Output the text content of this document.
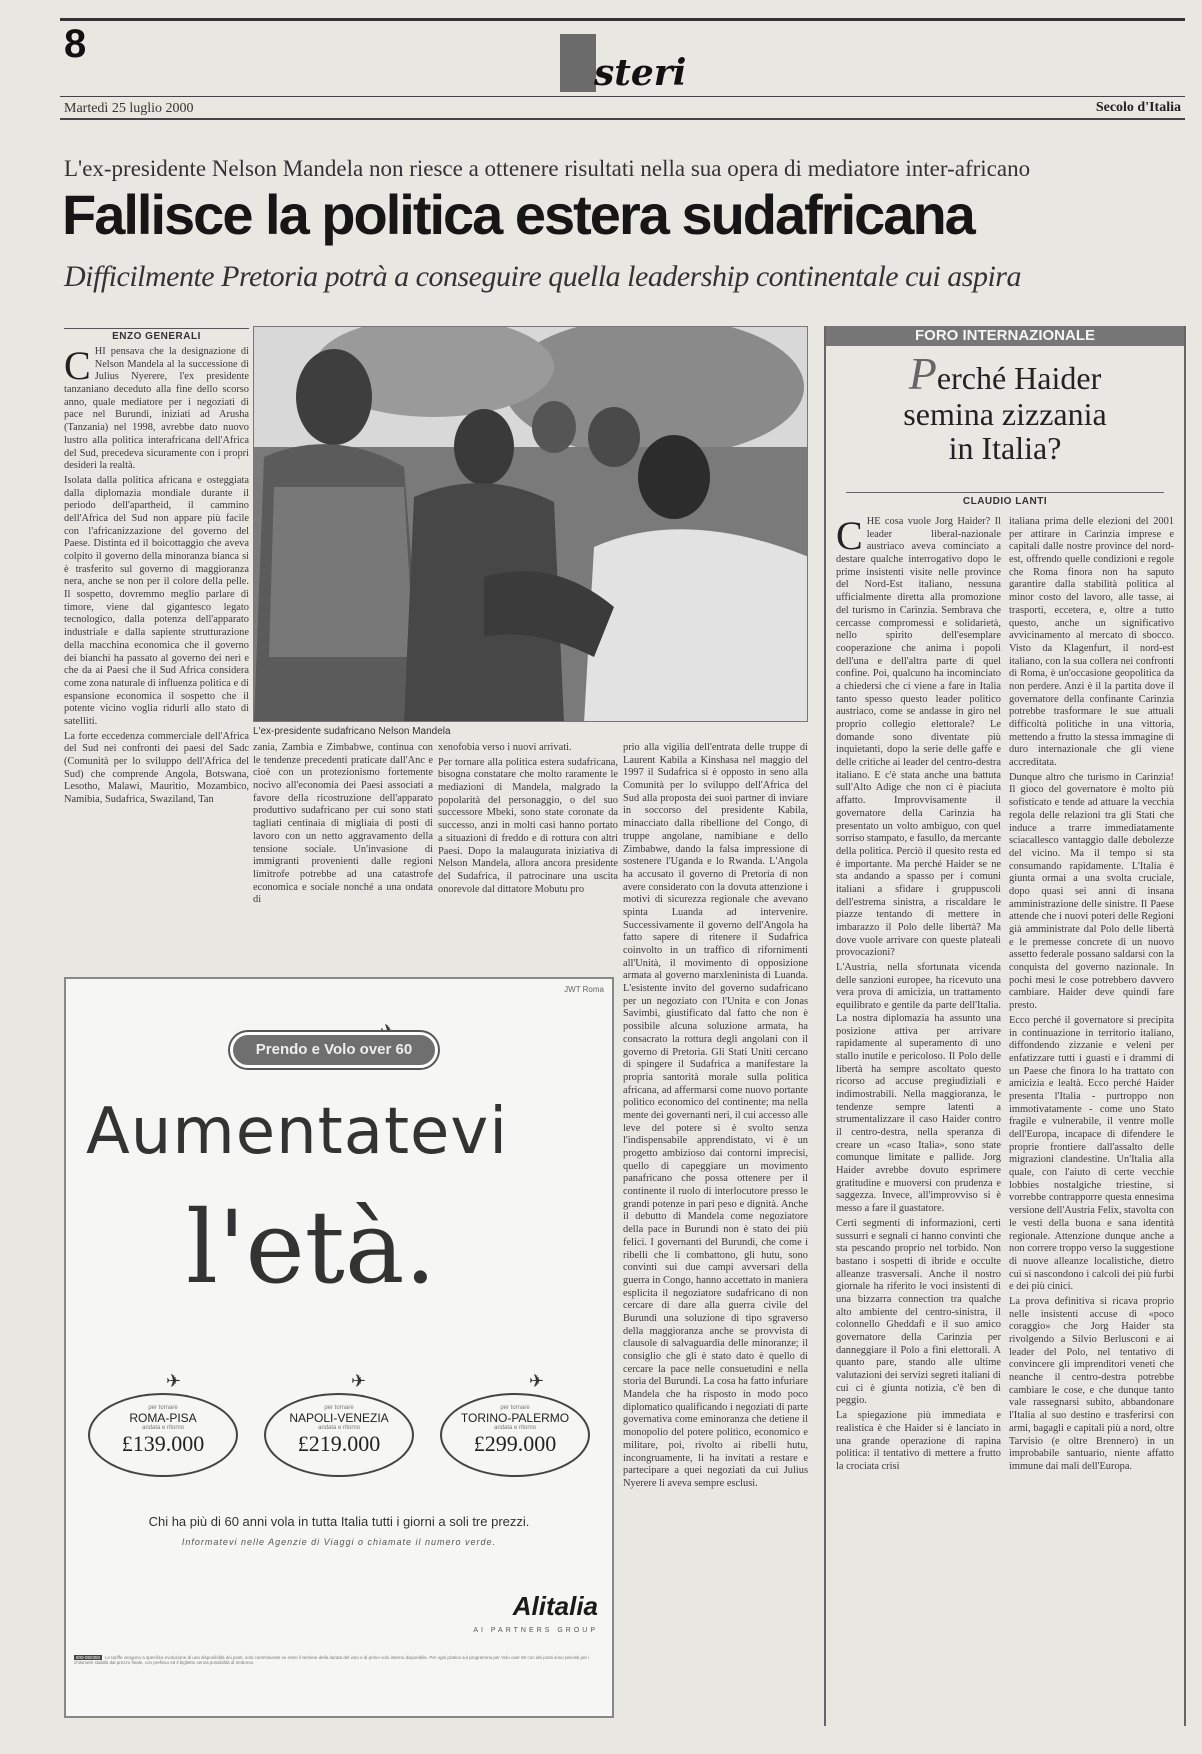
8
steri
Martedì 25 luglio 2000	Secolo d'Italia
L'ex-presidente Nelson Mandela non riesce a ottenere risultati nella sua opera di mediatore inter-africano
Fallisce la politica estera sudafricana
Difficilmente Pretoria potrà a conseguire quella leadership continentale cui aspira
ENZO GENERALI

CHI pensava che la designazione di Nelson Mandela al la successione di Julius Nyerere, l'ex presidente tanzaniano deceduto alla fine dello scorso anno, quale mediatore per i negoziati di pace nel Burundi, iniziati ad Arusha (Tanzania) nel 1998, avrebbe dato nuovo lustro alla politica interafricana dell'Africa del Sud, precedeva sicuramente con i propri desideri la realtà.

Isolata dalla politica africana e osteggiata dalla diplomazia mondiale durante il periodo dell'apartheid, il cammino dell'Africa del Sud non appare più facile con l'africanizzazione del governo del Paese. Distinta ed il boicottaggio che aveva colpito il governo della minoranza bianca si è trasferito sul governo di maggioranza nera, anche se non per il colore della pelle. Il sospetto, dovremmo meglio parlare di timore, viene dal gigantesco legato tecnologico, dalla potenza dell'apparato industriale e dalla sapiente strutturazione della macchina economica che il governo dei bianchi ha passato al governo dei neri e che da ai Paesi che il Sud Africa considera come zona naturale di influenza politica e di espansione economica il sospetto che il potente vicino voglia ridurli allo stato di satelliti.

La forte eccedenza commerciale dell'Africa del Sud nei confronti dei paesi del Sadc (Comunità per lo sviluppo dell'Africa del Sud) che comprende Angola, Botswana, Lesotho, Malawi, Mauritio, Mozambico, Namibia, Sudafrica, Swaziland, Tan

L'ex-presidente sudafricano Nelson Mandela

zania, Zambia e Zimbabwe, continua con le tendenze precedenti praticate dall'Anc e cioè con un protezionismo fortemente nocivo all'economia dei Paesi associati a favore della ricostruzione dell'apparato produttivo sudafricano per cui sono stati tagliati centinaia di migliaia di posti di lavoro con un netto aggravamento della tensione sociale. Un'invasione di immigranti provenienti dalle regioni limitrofe potrebbe ad una catastrofe economica e sociale nonché a una ondata di

xenofobia verso i nuovi arrivati.

Per tornare alla politica estera sudafricana, bisogna constatare che molto raramente le mediazioni di Mandela, malgrado la popolarità del personaggio, o del suo successore Mbeki, sono state coronate da successo, anzi in molti casi hanno portato a situazioni di freddo e di rottura con altri Paesi. Dopo la malaugurata iniziativa di Nelson Mandela, allora ancora presidente del Sudafrica, il patrocinare una uscita onorevole dal dittatore Mobutu pro

prio alla vigilia dell'entrata delle truppe di Laurent Kabila a Kinshasa nel maggio del 1997 il Sudafrica si è opposto in seno alla Comunità per lo sviluppo dell'Africa del Sud alla proposta dei suoi partner di inviare in soccorso del presidente Kabila, minacciato dalla ribellione del Congo, di truppe angolane, namibiane e dello Zimbabwe, dando la falsa impressione di sostenere l'Uganda e lo Rwanda. L'Angola ha accusato il governo di Pretoria di non avere considerato con la dovuta attenzione i motivi di sicurezza regionale che avevano spinta Luanda ad intervenire. Successivamente il governo dell'Angola ha fatto sapere di ritenere il Sudafrica coinvolto in un traffico di rifornimenti all'Unità, il movimento di opposizione armata al governo marxleninista di Luanda. L'esistente invito del governo sudafricano per un negoziato con l'Unita e con Jonas Savimbi, giustificato dal fatto che non è possibile alcuna soluzione armata, ha consacrato la rottura degli angolani con il governo di Pretoria. Gli Stati Uniti cercano di spingere il Sudafrica a manifestare la propria santorità morale sulla politica africana, ad affermarsi come nuovo portante politico economico del continente; ma nella mente dei governanti neri, il cui accesso alle leve del potere si è svolto senza l'indispensabile apprendistato, vi è un progetto ambizioso dai contorni imprecisi, quello di capeggiare un movimento panafricano che possa ottenere per il continente il ruolo di interlocutore presso le grandi potenze in pari peso e dignità. Anche il debutto di Mandela come negoziatore della pace in Burundi non è stato dei più felici. I governanti del Burundi, che come i ribelli che li combattono, gli hutu, sono convinti sui due campi avversari della guerra in Congo, hanno accettato in maniera esplicita il negoziatore sudafricano di non cercare di dare alla guerra civile del Burundi una soluzione di tipo sgraverso della maggioranza anche se provvista di clausole di salvaguardia delle minoranze; il consiglio che gli è stato dato è quello di cercare la pace nelle consuetudini e nella storia del Burundi. La cosa ha fatto infuriare Mandela che ha risposto in modo poco diplomatico qualificando i negoziati di parte governativa come eminoranza che detiene il monopolio del potere politico, economico e militare, poi, rivolto ai ribelli hutu, incongruamente, li ha invitati a restare e partecipare a quei negoziati da cui Julius Nyerere li aveva sempre esclusi.

FORO INTERNAZIONALE
Perché Haider
semina zizzania
in Italia?
CLAUDIO LANTI

CHE cosa vuole Jorg Haider? Il leader liberal-nazionale austriaco aveva cominciato a destare qualche interrogativo dopo le prime insistenti visite nelle province del Nord-Est italiano, nessuna ufficialmente diretta alla promozione del turismo in Carinzia. Sembrava che cercasse compromessi e solidarietà, nello spirito dell'esemplare cooperazione che anima i popoli dell'una e dell'altra parte di quel confine. Poi, qualcuno ha incominciato a chiedersi che ci viene a fare in Italia tanto spesso questo leader politico austriaco, come se andasse in giro nel proprio collegio elettorale? Le domande sono diventate più inquietanti, dopo la serie delle gaffe e delle critiche ai leader del centro-destra italiano. E c'è stata anche una battuta sull'Alto Adige che non ci è piaciuta affatto. Improvvisamente il governatore della Carinzia ha presentato un volto ambiguo, con quel sorriso stampato, e fasullo, da mercante della politica. Perciò il quesito resta ed è importante. Ma perché Haider se ne sta andando a spasso per i comuni italiani a sfidare i gruppuscoli dell'estrema sinistra, a riscaldare le piazze tentando di mettere in imbarazzo il Polo delle libertà? Ma dove vuole arrivare con queste plateali provocazioni?

L'Austria, nella sfortunata vicenda delle sanzioni europee, ha ricevuto una vera prova di amicizia, un trattamento equilibrato e gentile da parte dell'Italia. La nostra diplomazia ha assunto una posizione attiva per arrivare rapidamente al superamento di uno stallo inutile e pericoloso. Il Polo delle libertà ha sempre ascoltato questo ricorso ad accuse pregiudiziali e indimostrabili. Nella maggioranza, le tendenze sempre latenti a strumentalizzare il caso Haider contro il centro-destra, nella speranza di creare un «caso Italia», sono state comunque limitate e pallide. Jorg Haider avrebbe dovuto esprimere gratitudine e muoversi con prudenza e saggezza. Invece, all'improvviso si è messo a fare il guastatore.

Certi segmenti di informazioni, certi sussurri e segnali ci hanno convinti che sta pescando proprio nel torbido. Non bastano i sospetti di ibride e occulte alleanze trasversali. Anche il nostro giornale ha riferito le voci insistenti di una bizzarra connection tra qualche alto ambiente del centro-sinistra, il colonnello Gheddafi e il suo amico governatore della Carinzia per danneggiare il Polo a fini elettorali. A quanto pare, stando alle ultime valutazioni dei servizi segreti italiani di cui ci è giunta notizia, c'è ben di peggio.

La spiegazione più immediata e realistica è che Haider si è lanciato in una grande operazione di rapina politica: il tentativo di mettere a frutto la crociata crisi

italiana prima delle elezioni del 2001 per attirare in Carinzia imprese e capitali dalle nostre province del nord-est, offrendo quelle condizioni e regole che Roma finora non ha saputo garantire dalla stabilità politica al minor costo del lavoro, alle tasse, ai trasporti, eccetera, e, oltre a tutto questo, anche un significativo avvicinamento al mercato di sbocco. Visto da Klagenfurt, il nord-est italiano, con la sua collera nei confronti di Roma, è un'occasione geopolitica da non perdere. Anzi è il la partita dove il governatore della confinante Carinzia potrebbe trasformare le sue attuali difficoltà politiche in una vittoria, mettendo a frutto la stessa immagine di duro internazionale che gli viene accreditata.

Dunque altro che turismo in Carinzia! Il gioco del governatore è molto più sofisticato e tende ad attuare la vecchia regola delle relazioni tra gli Stati che induce a trarre immediatamente sciacallesco vantaggio dalle debolezze del vicino. Ma il tempo si sta consumando rapidamente. L'Italia è giunta ormai a una svolta cruciale, dopo quasi sei anni di insana amministrazione delle sinistre. Il Paese attende che i nuovi poteri delle Regioni già amministrate dal Polo delle libertà e le premesse concrete di un nuovo assetto federale possano saldarsi con la conquista del governo nazionale. In pochi mesi le cose potrebbero davvero cambiare. Haider deve quindi fare presto.

Ecco perché il governatore si precipita in continuazione in territorio italiano, diffondendo zizzanie e veleni per enfatizzare tutti i guasti e i drammi di un Paese che finora lo ha trattato con amicizia e lealtà. Ecco perché Haider presenta l'Italia - purtroppo non immotivatamente - come uno Stato fragile e vulnerabile, il ventre molle dell'Europa, incapace di difendere le proprie frontiere dall'assalto delle migrazioni clandestine. Un'Italia alla quale, con l'aiuto di certe vecchie lobbies nostalgiche triestine, si vorrebbe contrapporre questa ennesima versione dell'Austria Felix, stavolta con le vesti della buona e sana identità regionale. Attenzione dunque anche a non correre troppo verso la suggestione di nuove alleanze localistiche, dietro cui si nascondono i calcoli dei più furbi e dei più cinici.

La prova definitiva si ricava proprio nelle insistenti accuse di «poco coraggio» che Jorg Haider sta rivolgendo a Silvio Berlusconi e ai leader del Polo, nel tentativo di convincere gli imprenditori veneti che neanche il centro-destra potrebbe cambiare le cose, e che dunque tanto vale rassegnarsi subito, abbandonare l'Italia al suo destino e trasferirsi con armi, bagagli e capitali più a nord, oltre Tarvisio (e oltre Brennero) in un improbabile santuario, niente affatto immune dai mali dell'Europa.

JWT Roma
Prendo e Volo over 60
Aumentatevi
l'età.
✈
per tornare
ROMA-PISA
andata e ritorno
£139.000
✈
per tornare
NAPOLI-VENEZIA
andata e ritorno
£219.000
✈
per tornare
TORINO-PALERMO
andata e ritorno
£299.000
Chi ha più di 60 anni vola in tutta Italia tutti i giorni a soli tre prezzi.
Informatevi nelle Agenzie di Viaggi o chiamate il numero verde.
Alitalia
AI PARTNERS GROUP
800-050350 Le tariffe vengono a specifica evoluzione di una disponibilità dei posti, solo commisurate se entro il termine della durata del volo e di primo volo interno disponibile. Per ogni pratica sul programma per Volo over 60 con dei posti sono previsti per i chilometri stabiliti dal prezzo finale, con prefisso ed il biglietto senza possibilità di rimborso.
